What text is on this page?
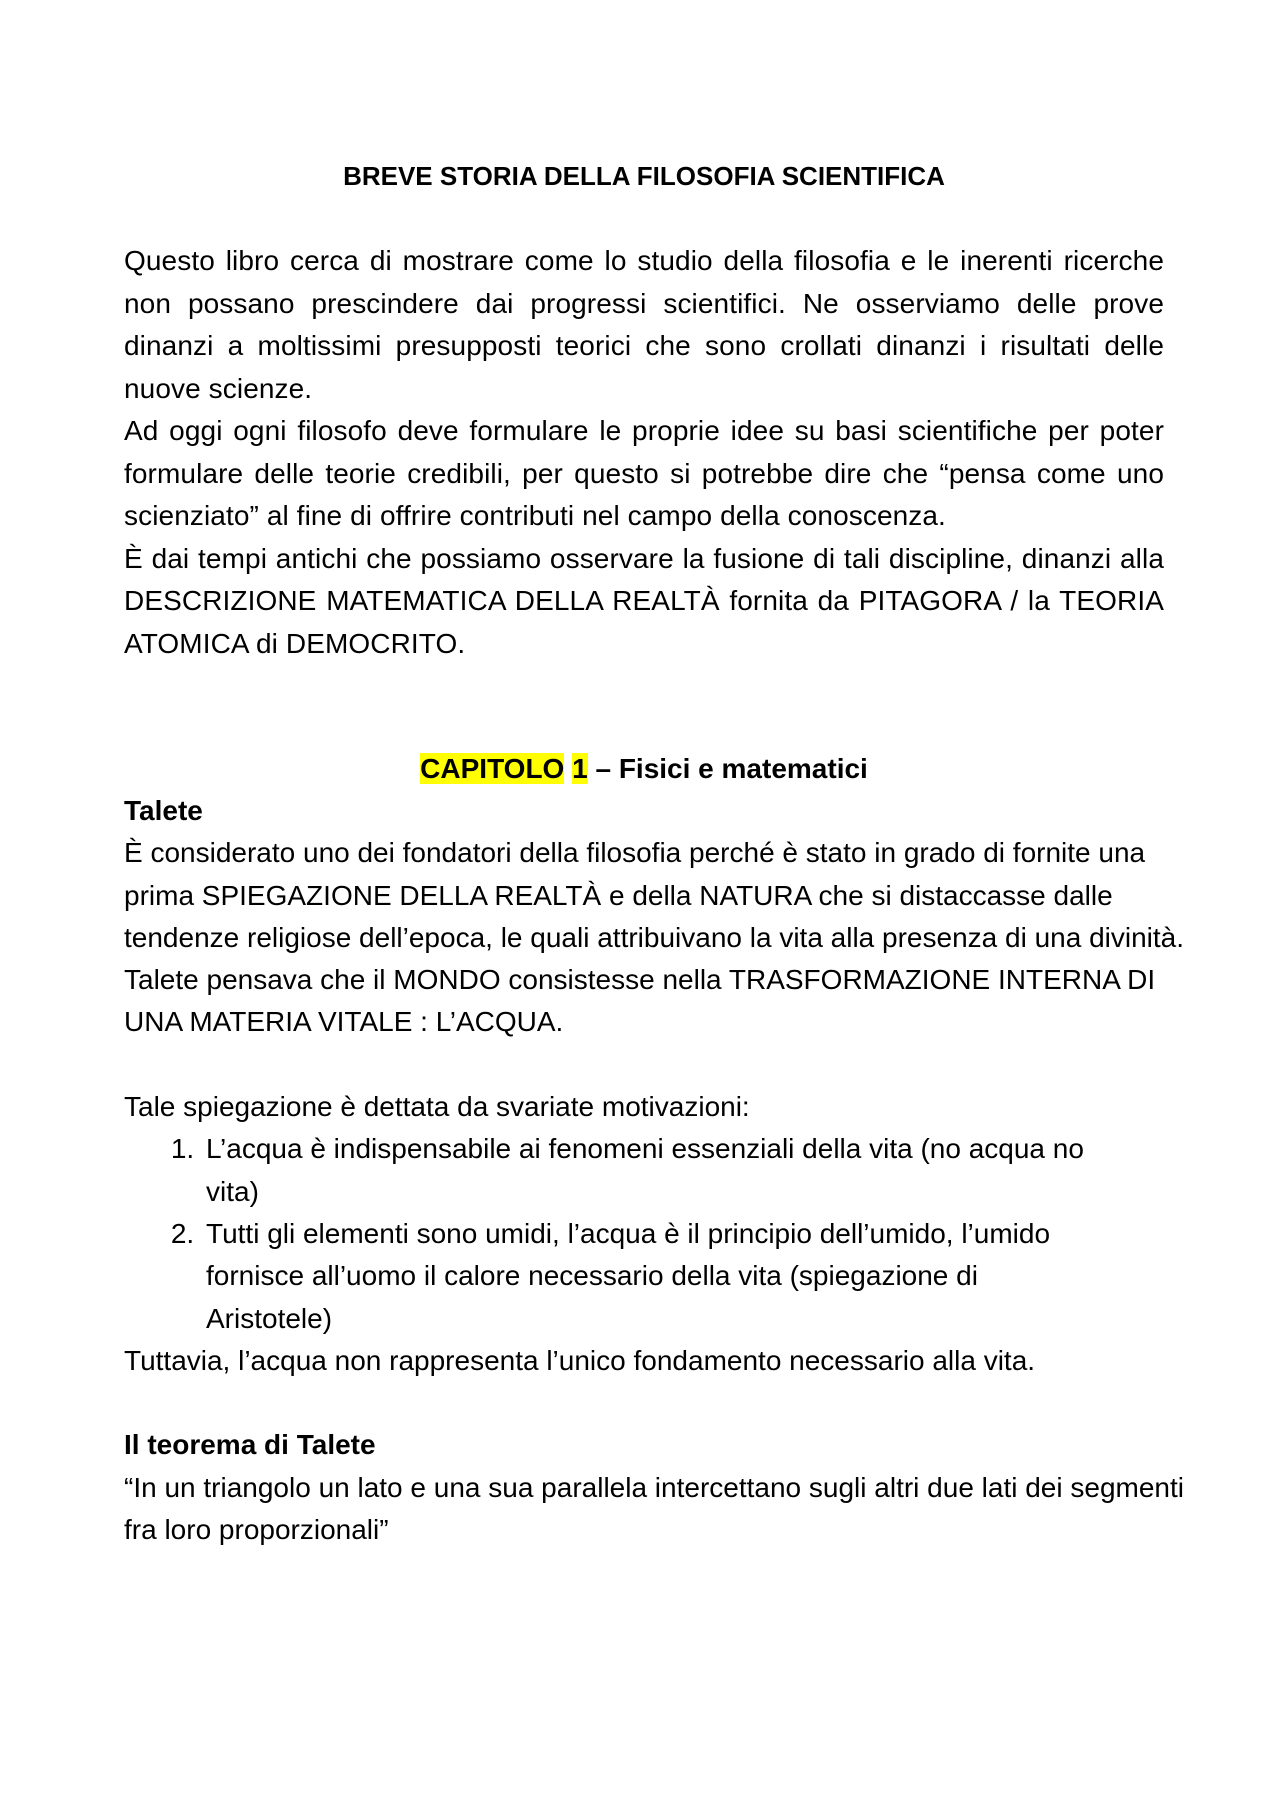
BREVE STORIA DELLA FILOSOFIA SCIENTIFICA

Questo libro cerca di mostrare come lo studio della filosofia e le inerenti ricerche non possano prescindere dai progressi scientifici. Ne osserviamo delle prove dinanzi a moltissimi presupposti teorici che sono crollati dinanzi i risultati delle nuove scienze.

Ad oggi ogni filosofo deve formulare le proprie idee su basi scientifiche per poter formulare delle teorie credibili, per questo si potrebbe dire che “pensa come uno scienziato” al fine di offrire contributi nel campo della conoscenza.

È dai tempi antichi che possiamo osservare la fusione di tali discipline, dinanzi alla DESCRIZIONE MATEMATICA DELLA REALTÀ fornita da PITAGORA / la TEORIA ATOMICA di DEMOCRITO.

CAPITOLO 1 – Fisici e matematici
Talete

È considerato uno dei fondatori della filosofia perché è stato in grado di fornite una prima SPIEGAZIONE DELLA REALTÀ e della NATURA che si distaccasse dalle tendenze religiose dell’epoca, le quali attribuivano la vita alla presenza di una divinità.

Talete pensava che il MONDO consistesse nella TRASFORMAZIONE INTERNA DI UNA MATERIA VITALE : L’ACQUA.

Tale spiegazione è dettata da svariate motivazioni:

1. L’acqua è indispensabile ai fenomeni essenziali della vita (no acqua no vita)
2. Tutti gli elementi sono umidi, l’acqua è il principio dell’umido, l’umido fornisce all’uomo il calore necessario della vita (spiegazione di Aristotele)

Tuttavia, l’acqua non rappresenta l’unico fondamento necessario alla vita.

Il teorema di Talete

“In un triangolo un lato e una sua parallela intercettano sugli altri due lati dei segmenti fra loro proporzionali”
